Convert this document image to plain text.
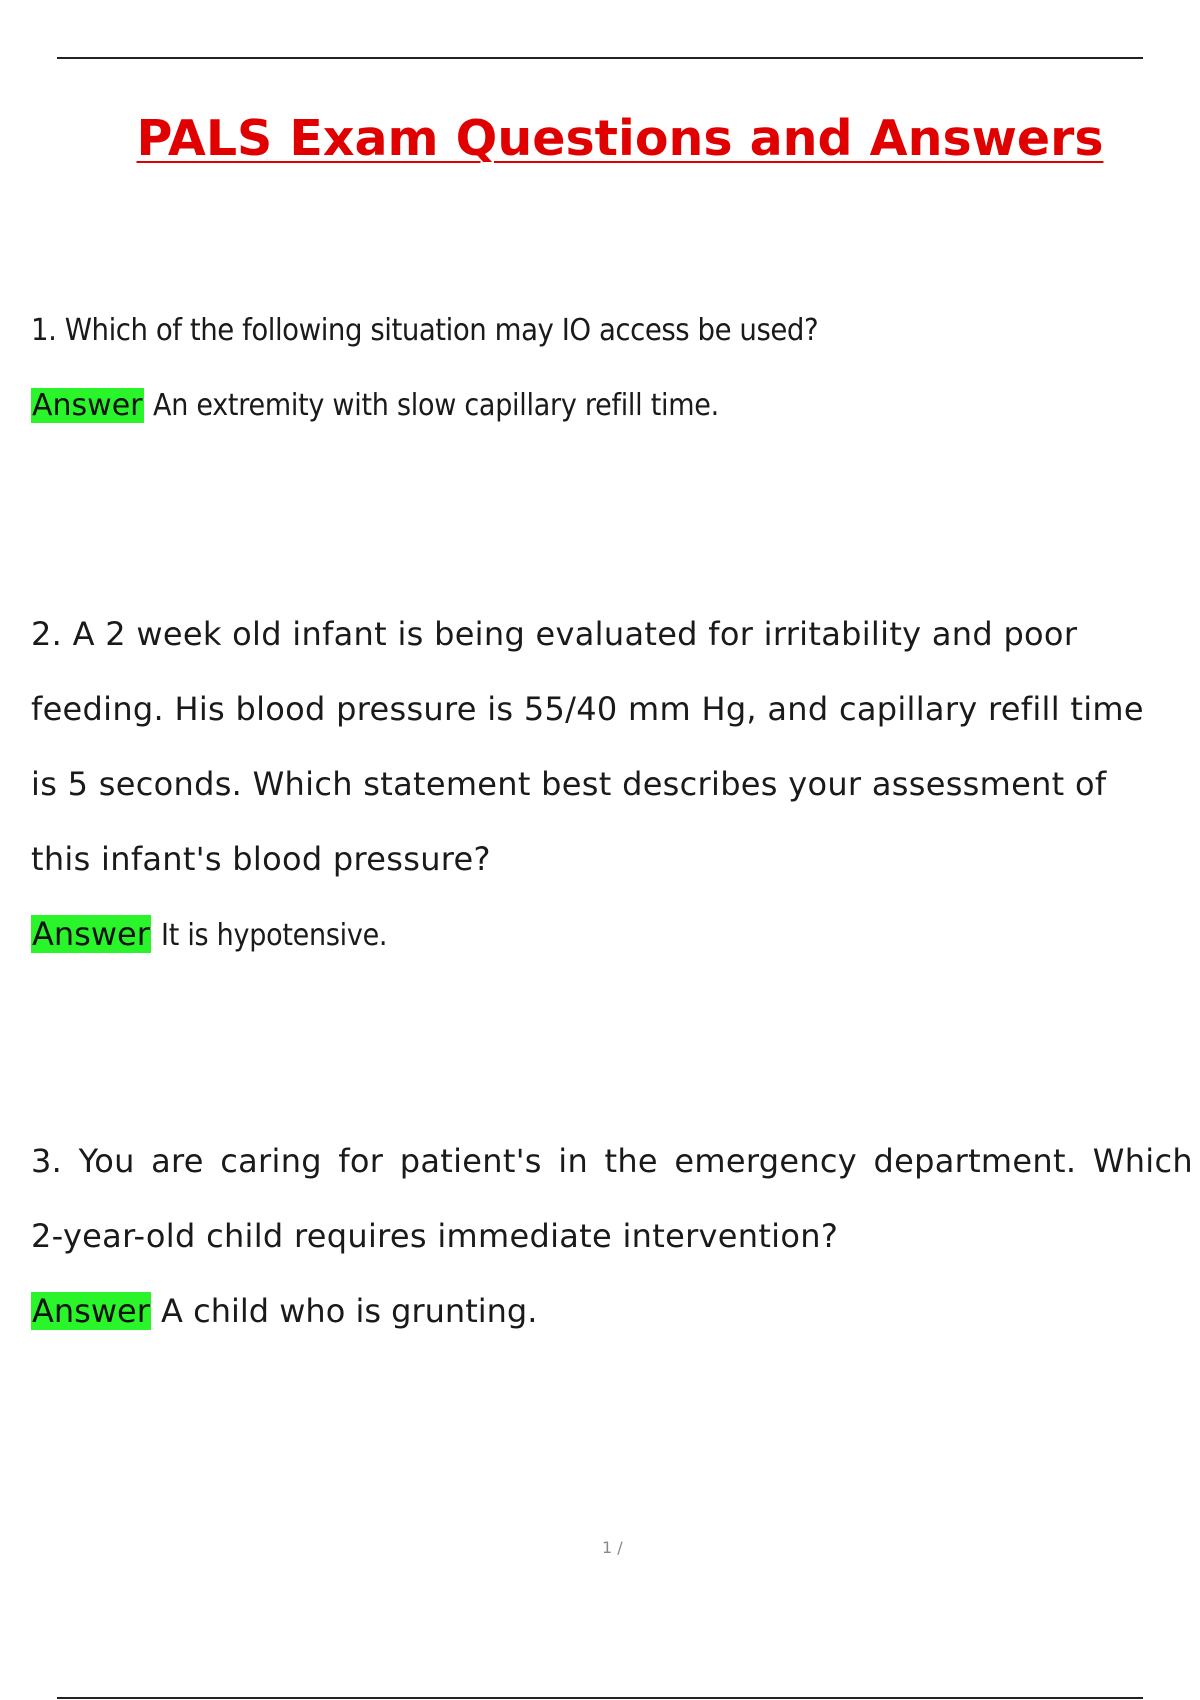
PALS Exam Questions and Answers
1. Which of the following situation may IO access be used?
Answer An extremity with slow capillary refill time.
2. A 2 week old infant is being evaluated for irritability and poor
feeding. His blood pressure is 55/40 mm Hg, and capillary refill time
is 5 seconds. Which statement best describes your assessment of
this infant's blood pressure?
Answer It is hypotensive.
3. You are caring for patient's in the emergency department. Which
2-year-old child requires immediate intervention?
Answer A child who is grunting.
1 /
